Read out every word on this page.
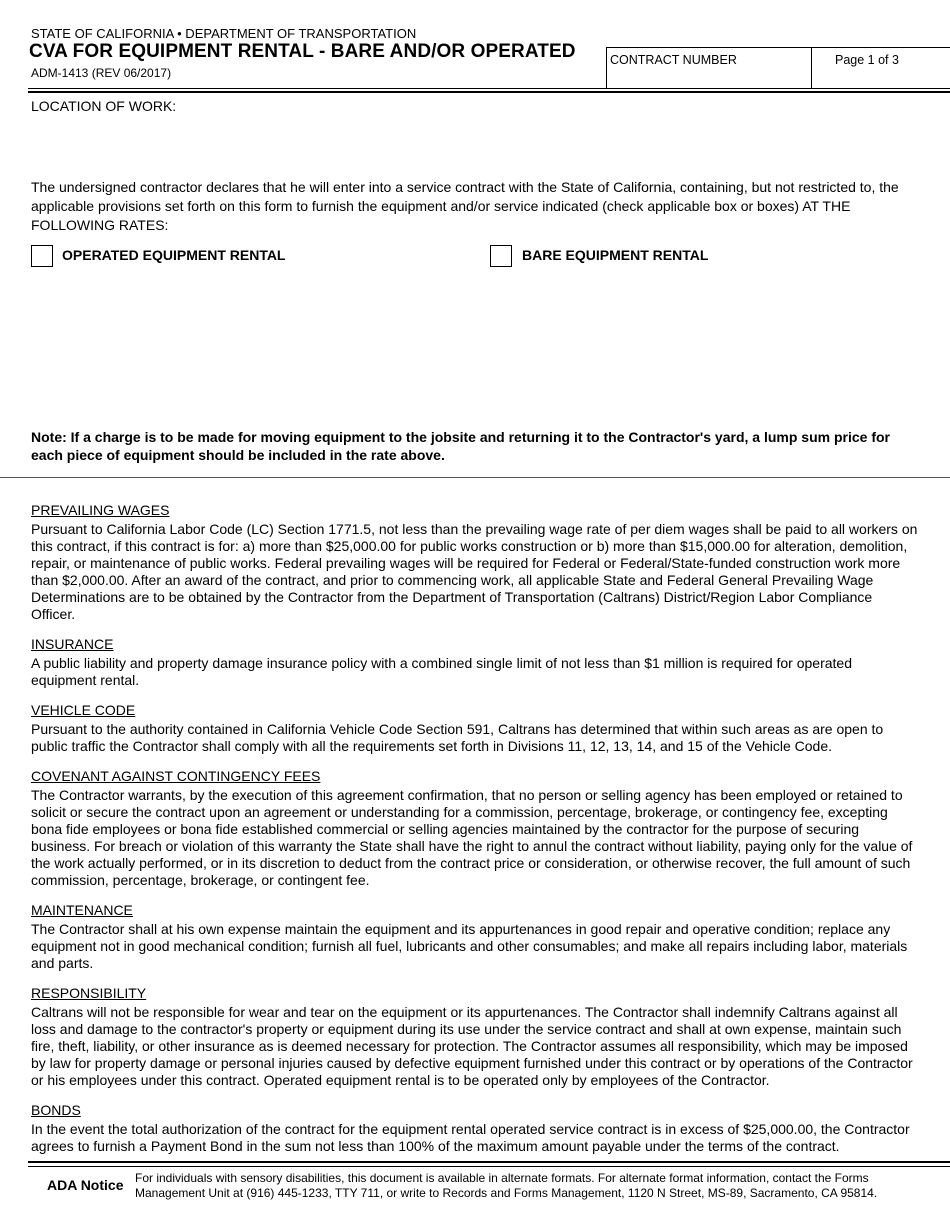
STATE OF CALIFORNIA • DEPARTMENT OF TRANSPORTATION
CVA FOR EQUIPMENT RENTAL - BARE AND/OR OPERATED
ADM-1413 (REV 06/2017)
CONTRACT NUMBER	Page 1 of 3
LOCATION OF WORK:
The undersigned contractor declares that he will enter into a service contract with the State of California, containing, but not restricted to, the applicable provisions set forth on this form to furnish the equipment and/or service indicated (check applicable box or boxes) AT THE FOLLOWING RATES:
OPERATED EQUIPMENT RENTAL	BARE EQUIPMENT RENTAL
Note: If a charge is to be made for moving equipment to the jobsite and returning it to the Contractor's yard, a lump sum price for each piece of equipment should be included in the rate above.
PREVAILING WAGES
Pursuant to California Labor Code (LC) Section 1771.5, not less than the prevailing wage rate of per diem wages shall be paid to all workers on this contract, if this contract is for: a) more than $25,000.00 for public works construction or b) more than $15,000.00 for alteration, demolition, repair, or maintenance of public works. Federal prevailing wages will be required for Federal or Federal/State-funded construction work more than $2,000.00. After an award of the contract, and prior to commencing work, all applicable State and Federal General Prevailing Wage Determinations are to be obtained by the Contractor from the Department of Transportation (Caltrans) District/Region Labor Compliance Officer.
INSURANCE
A public liability and property damage insurance policy with a combined single limit of not less than $1 million is required for operated equipment rental.
VEHICLE CODE
Pursuant to the authority contained in California Vehicle Code Section 591, Caltrans has determined that within such areas as are open to public traffic the Contractor shall comply with all the requirements set forth in Divisions 11, 12, 13, 14, and 15 of the Vehicle Code.
COVENANT AGAINST CONTINGENCY FEES
The Contractor warrants, by the execution of this agreement confirmation, that no person or selling agency has been employed or retained to solicit or secure the contract upon an agreement or understanding for a commission, percentage, brokerage, or contingency fee, excepting bona fide employees or bona fide established commercial or selling agencies maintained by the contractor for the purpose of securing business. For breach or violation of this warranty the State shall have the right to annul the contract without liability, paying only for the value of the work actually performed, or in its discretion to deduct from the contract price or consideration, or otherwise recover, the full amount of such commission, percentage, brokerage, or contingent fee.
MAINTENANCE
The Contractor shall at his own expense maintain the equipment and its appurtenances in good repair and operative condition; replace any equipment not in good mechanical condition; furnish all fuel, lubricants and other consumables; and make all repairs including labor, materials and parts.
RESPONSIBILITY
Caltrans will not be responsible for wear and tear on the equipment or its appurtenances. The Contractor shall indemnify Caltrans against all loss and damage to the contractor's property or equipment during its use under the service contract and shall at own expense, maintain such fire, theft, liability, or other insurance as is deemed necessary for protection. The Contractor assumes all responsibility, which may be imposed by law for property damage or personal injuries caused by defective equipment furnished under this contract or by operations of the Contractor or his employees under this contract. Operated equipment rental is to be operated only by employees of the Contractor.
BONDS
In the event the total authorization of the contract for the equipment rental operated service contract is in excess of $25,000.00, the Contractor agrees to furnish a Payment Bond in the sum not less than 100% of the maximum amount payable under the terms of the contract.
ADA Notice For individuals with sensory disabilities, this document is available in alternate formats. For alternate format information, contact the Forms Management Unit at (916) 445-1233, TTY 711, or write to Records and Forms Management, 1120 N Street, MS-89, Sacramento, CA 95814.
